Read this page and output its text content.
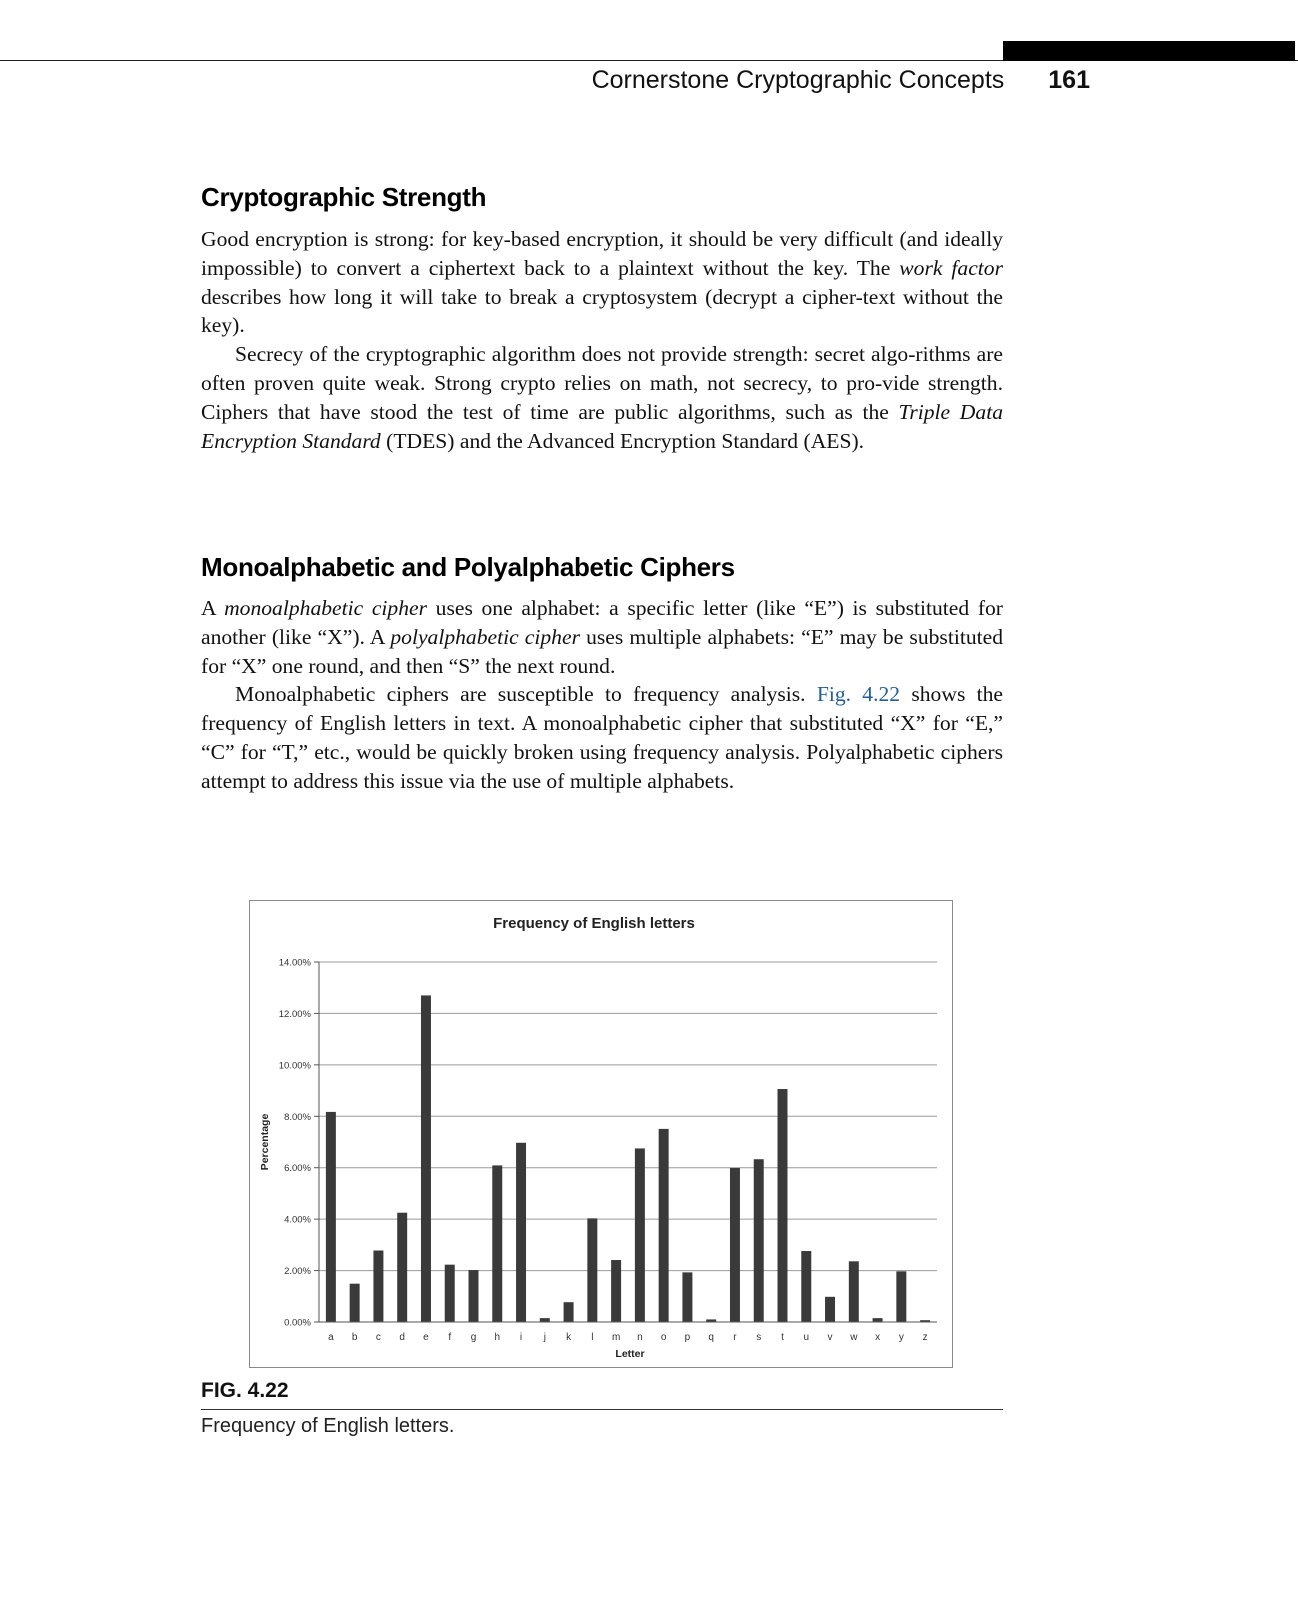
Cornerstone Cryptographic Concepts 161
Cryptographic Strength

Good encryption is strong: for key-based encryption, it should be very difficult (and ideally impossible) to convert a ciphertext back to a plaintext without the key. The work factor describes how long it will take to break a cryptosystem (decrypt a cipher-text without the key).

Secrecy of the cryptographic algorithm does not provide strength: secret algo-rithms are often proven quite weak. Strong crypto relies on math, not secrecy, to pro-vide strength. Ciphers that have stood the test of time are public algorithms, such as the Triple Data Encryption Standard (TDES) and the Advanced Encryption Standard (AES).

Monoalphabetic and Polyalphabetic Ciphers

A monoalphabetic cipher uses one alphabet: a specific letter (like “E”) is substituted for another (like “X”). A polyalphabetic cipher uses multiple alphabets: “E” may be substituted for “X” one round, and then “S” the next round.

Monoalphabetic ciphers are susceptible to frequency analysis. Fig. 4.22 shows the frequency of English letters in text. A monoalphabetic cipher that substituted “X” for “E,” “C” for “T,” etc., would be quickly broken using frequency analysis. Polyalphabetic ciphers attempt to address this issue via the use of multiple alphabets.

Frequency of English letters
0.00%
2.00%
4.00%
6.00%
8.00%
10.00%
12.00%
14.00%
a b c d e f g h i j k l m n o p q r s t u v w x y z
Letter
Percentage
FIG. 4.22
Frequency of English letters.
